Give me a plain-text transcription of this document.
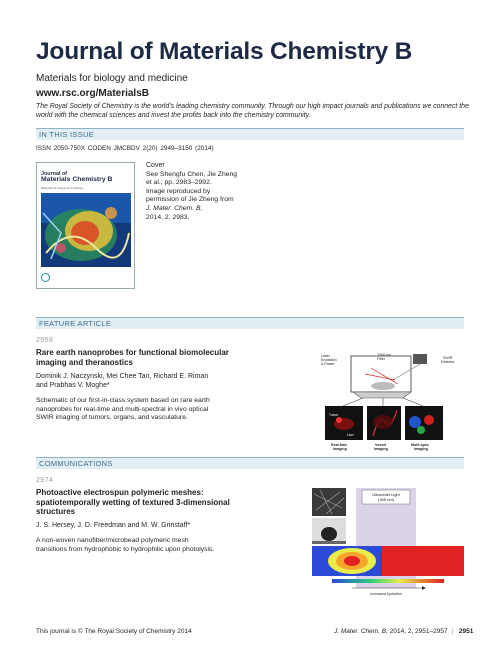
Journal of Materials Chemistry B
Materials for biology and medicine
www.rsc.org/MaterialsB
The Royal Society of Chemistry is the world's leading chemistry community. Through our high impact journals and publications we connect the world with the chemical sciences and invest the profits back into the chemistry community.
IN THIS ISSUE
ISSN 2050-750X CODEN JMCBDV 2(20) 2949–3150 (2014)
Journal of
Materials Chemistry B
Materials for biology and medicine
Cover
See Shengfu Chen, Jie Zheng
et al., pp. 2983–2992.
Image reproduced by
permission of Jie Zheng from
J. Mater. Chem. B,
2014, 2, 2983.
FEATURE ARTICLE
2958
Rare earth nanoprobes for functional biomolecular
imaging and theranostics
Dominik J. Naczynski, Mei Chee Tan, Richard E. Riman
and Prabhas V. Moghe*
Schematic of our first-in-class system based on rare earth
nanoprobes for real-time and multi-spectral in vivo optical
SWIR imaging of tumors, organs, and vasculature.
Laser
Excitation
& Power
1000 nm
Filter	SWIR
Detector
Tumor
Liver
Real-time
Imaging
Vessel
Imaging
Multi-spec
Imaging
COMMUNICATIONS
2974
Photoactive electrospun polymeric meshes:
spatiotemporally wetting of textured 3-dimensional
structures
J. S. Hersey, J. D. Freedman and M. W. Grinstaff*
A non-woven nanofiber/microbead polymeric mesh
transitions from hydrophobic to hydrophilic upon photolysis.
Ultraviolet Light
(365 nm)
Increased hydration
This journal is © The Royal Society of Chemistry 2014	J. Mater. Chem. B, 2014, 2, 2951–2957 | 2951
